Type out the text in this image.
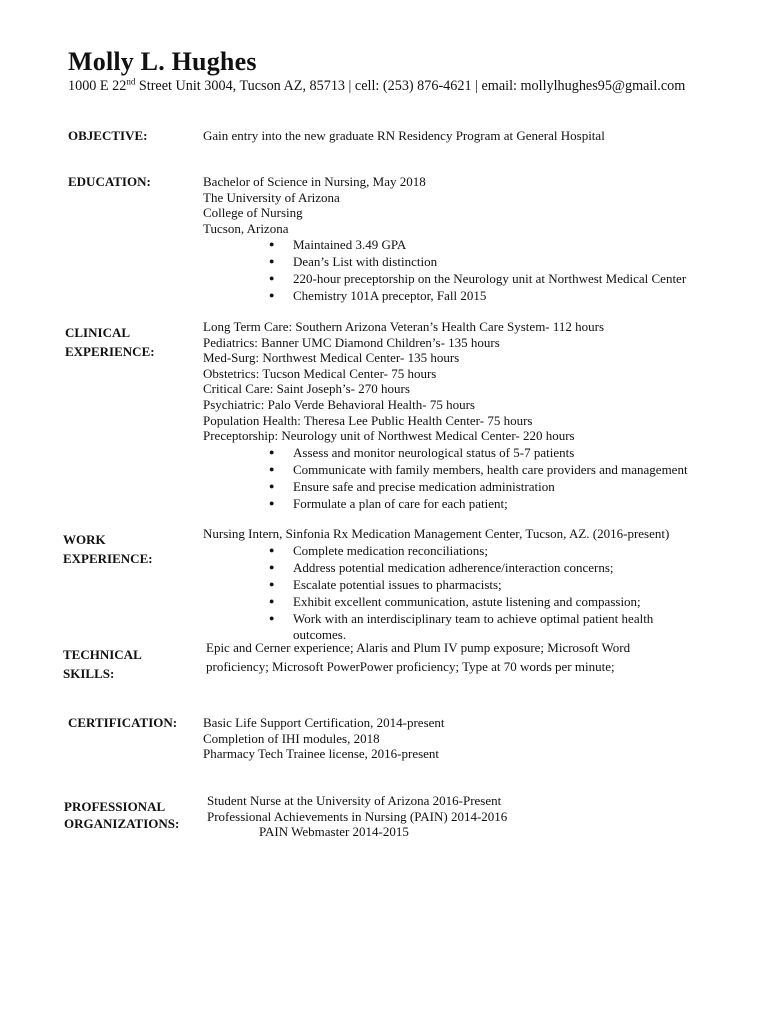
Molly L. Hughes
1000 E 22nd Street Unit 3004, Tucson AZ, 85713 | cell: (253) 876-4621 | email: mollylhughes95@gmail.com
OBJECTIVE:	Gain entry into the new graduate RN Residency Program at General Hospital
EDUCATION:	Bachelor of Science in Nursing, May 2018
The University of Arizona
College of Nursing
Tucson, Arizona
● Maintained 3.49 GPA
● Dean’s List with distinction
● 220-hour preceptorship on the Neurology unit at Northwest Medical Center
● Chemistry 101A preceptor, Fall 2015
CLINICAL
EXPERIENCE:
Long Term Care: Southern Arizona Veteran’s Health Care System- 112 hours
Pediatrics: Banner UMC Diamond Children’s- 135 hours
Med-Surg: Northwest Medical Center- 135 hours
Obstetrics: Tucson Medical Center- 75 hours
Critical Care: Saint Joseph’s- 270 hours
Psychiatric: Palo Verde Behavioral Health- 75 hours
Population Health: Theresa Lee Public Health Center- 75 hours
Preceptorship: Neurology unit of Northwest Medical Center- 220 hours
● Assess and monitor neurological status of 5-7 patients
● Communicate with family members, health care providers and management
● Ensure safe and precise medication administration
● Formulate a plan of care for each patient;
WORK
EXPERIENCE:
Nursing Intern, Sinfonia Rx Medication Management Center, Tucson, AZ. (2016-present)
● Complete medication reconciliations;
● Address potential medication adherence/interaction concerns;
● Escalate potential issues to pharmacists;
● Exhibit excellent communication, astute listening and compassion;
● Work with an interdisciplinary team to achieve optimal patient health
outcomes.
TECHNICAL
SKILLS:
Epic and Cerner experience; Alaris and Plum IV pump exposure; Microsoft Word
proficiency; Microsoft PowerPower proficiency; Type at 70 words per minute;
CERTIFICATION: Basic Life Support Certification, 2014-present
Completion of IHI modules, 2018
Pharmacy Tech Trainee license, 2016-present
PROFESSIONAL
ORGANIZATIONS:
Student Nurse at the University of Arizona 2016-Present
Professional Achievements in Nursing (PAIN) 2014-2016
PAIN Webmaster 2014-2015
